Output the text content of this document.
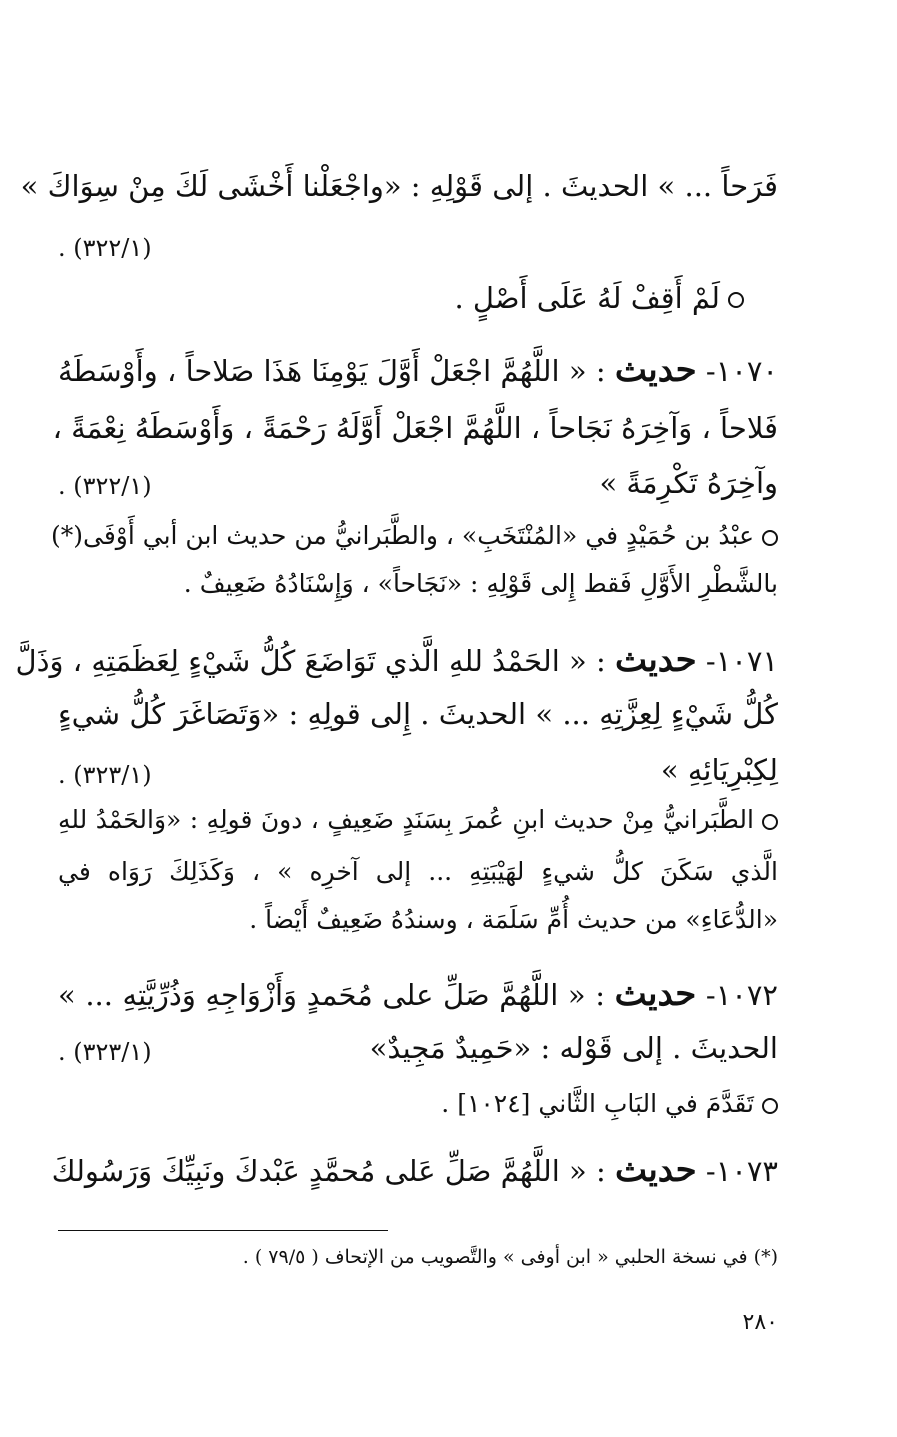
فَرَحاً ... » الحديثَ . إلى قَوْلِهِ : «واجْعَلْنا أَخْشَى لَكَ مِنْ سِوَاكَ »
(٣٢٢/١) .
لَمْ أَقِفْ لَهُ عَلَى أَصْلٍ .
١٠٧٠- حديث : « اللَّهُمَّ اجْعَلْ أَوَّلَ يَوْمِنَا هَذَا صَلاحاً ، وأَوْسَطَهُ
فَلاحاً ، وَآخِرَهُ نَجَاحاً ، اللَّهُمَّ اجْعَلْ أَوَّلَهُ رَحْمَةً ، وَأَوْسَطَهُ نِعْمَةً ،
وآخِرَهُ تَكْرِمَةً »
(٣٢٢/١) .
عبْدُ بن حُمَيْدٍ في «المُنْتَخَبِ» ، والطَّبَرانيُّ من حديث ابن أبي أَوْفَى(*)
بالشَّطْرِ الأَوَّلِ فَقط إِلى قَوْلِهِ : «نَجَاحاً» ، وَإِسْنَادُهُ ضَعِيفٌ .
١٠٧١- حديث : « الحَمْدُ للهِ الَّذي تَوَاضَعَ كُلُّ شَيْءٍ لِعَظَمَتِهِ ، وَذَلَّ
كُلُّ شَيْءٍ لِعِزَّتِهِ ... » الحديثَ . إِلى قولِهِ : «وَتَصَاغَرَ كُلُّ شيءٍ
لِكِبْرِيَائِهِ »
(٣٢٣/١) .
الطَّبَرانيُّ مِنْ حديث ابنِ عُمرَ بِسَنَدٍ ضَعِيفٍ ، دونَ قولِهِ : «وَالحَمْدُ للهِ
الَّذي سَكَنَ كلُّ شيءٍ لهَيْبَتِهِ ... إلى آخرِه » ، وَكَذَلِكَ رَوَاه في
«الدُّعَاءِ» من حديث أُمِّ سَلَمَة ، وسندُهُ ضَعِيفٌ أَيْضاً .
١٠٧٢- حديث : « اللَّهُمَّ صَلِّ على مُحَمدٍ وَأَزْوَاجِهِ وَذُرِّيَّتِهِ ... »
الحديثَ . إلى قَوْله : «حَمِيدٌ مَجِيدٌ»
(٣٢٣/١) .
تَقَدَّمَ في البَابِ الثَّاني [١٠٢٤] .
١٠٧٣- حديث : « اللَّهُمَّ صَلِّ عَلى مُحمَّدٍ عَبْدكَ ونَبِيِّكَ وَرَسُولكَ
(*) في نسخة الحلبي « ابن أوفى » والتَّصويب من الإتحاف ( ٧٩/٥ ) .
٢٨٠
